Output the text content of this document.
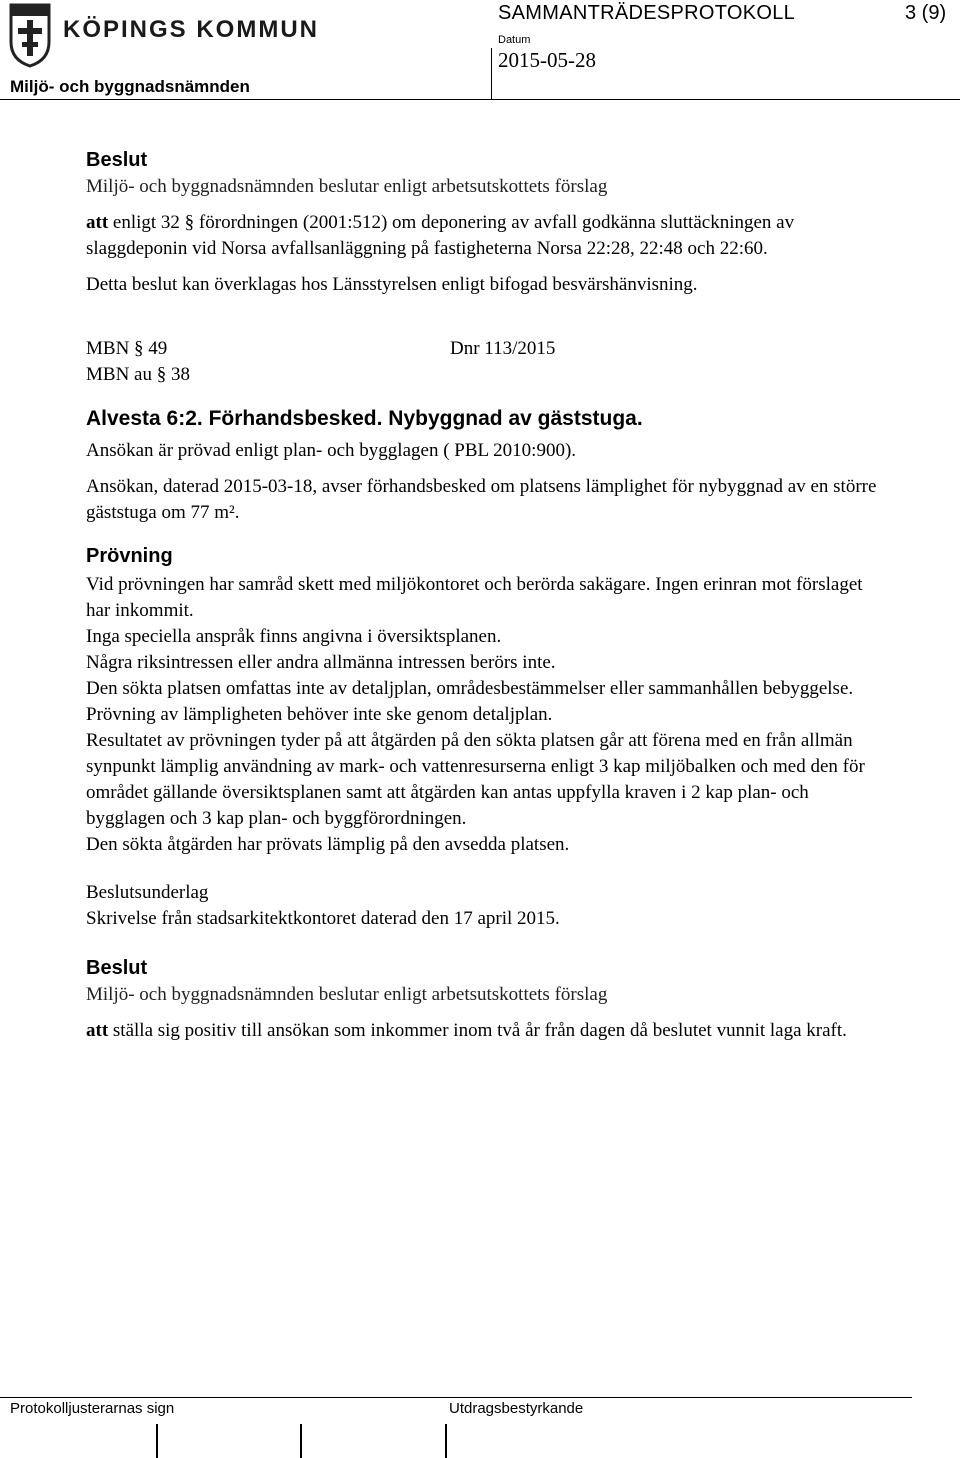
KÖPINGS KOMMUN
Miljö- och byggnadsnämnden
SAMMANTRÄDESPROTOKOLL	3 (9)
Datum
2015-05-28
Beslut

Miljö- och byggnadsnämnden beslutar enligt arbetsutskottets förslag

att enligt 32 § förordningen (2001:512) om deponering av avfall godkänna sluttäckningen av slaggdeponin vid Norsa avfallsanläggning på fastigheterna Norsa 22:28, 22:48 och 22:60.

Detta beslut kan överklagas hos Länsstyrelsen enligt bifogad besvärshänvisning.

MBN § 49	Dnr 113/2015
MBN au § 38
Alvesta 6:2. Förhandsbesked. Nybyggnad av gäststuga.

Ansökan är prövad enligt plan- och bygglagen ( PBL 2010:900).

Ansökan, daterad 2015-03-18, avser förhandsbesked om platsens lämplighet för nybyggnad av en större gäststuga om 77 m².

Prövning

Vid prövningen har samråd skett med miljökontoret och berörda sakägare. Ingen erinran mot förslaget har inkommit.

Inga speciella anspråk finns angivna i översiktsplanen.

Några riksintressen eller andra allmänna intressen berörs inte.

Den sökta platsen omfattas inte av detaljplan, områdesbestämmelser eller sammanhållen bebyggelse. Prövning av lämpligheten behöver inte ske genom detaljplan.

Resultatet av prövningen tyder på att åtgärden på den sökta platsen går att förena med en från allmän synpunkt lämplig användning av mark- och vattenresurserna enligt 3 kap miljöbalken och med den för området gällande översiktsplanen samt att åtgärden kan antas uppfylla kraven i 2 kap plan- och bygglagen och 3 kap plan- och byggförordningen.

Den sökta åtgärden har prövats lämplig på den avsedda platsen.

Beslutsunderlag

Skrivelse från stadsarkitektkontoret daterad den 17 april 2015.

Beslut

Miljö- och byggnadsnämnden beslutar enligt arbetsutskottets förslag

att ställa sig positiv till ansökan som inkommer inom två år från dagen då beslutet vunnit laga kraft.

Protokolljusterarnas sign	Utdragsbestyrkande
